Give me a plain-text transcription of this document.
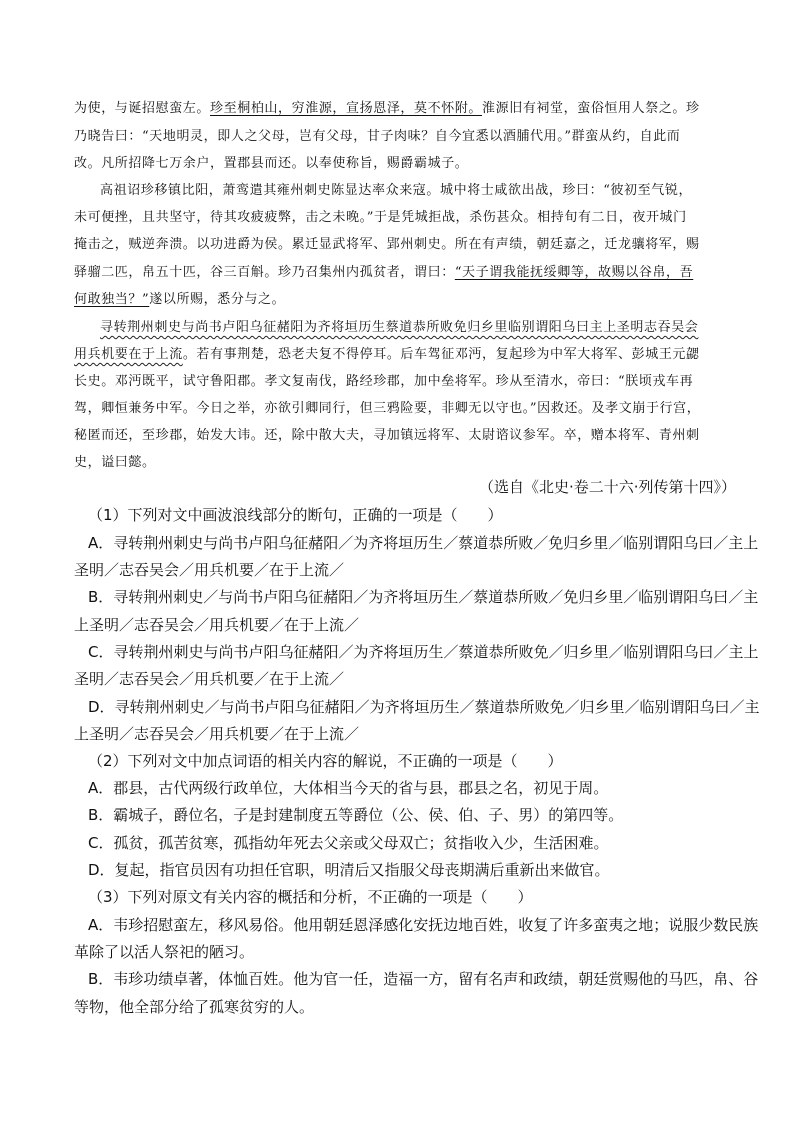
为使，与诞招慰蛮左。珍至桐柏山，穷淮源，宣扬恩泽，莫不怀附。淮源旧有祠堂，蛮俗恒用人祭之。珍
乃晓告曰：“天地明灵，即人之父母，岂有父母，甘子肉味？自今宜悉以酒脯代用。”群蛮从约，自此而
改。凡所招降七万余户，置郡县而还。以奉使称旨，赐爵霸城子。
高祖诏珍移镇比阳，萧鸾遣其雍州刺史陈显达率众来寇。城中将士咸欲出战，珍曰：“彼初至气锐，
未可便挫，且共坚守，待其攻疲疲弊，击之未晚。”于是凭城拒战，杀伤甚众。相持旬有二日，夜开城门
掩击之，贼逆奔溃。以功进爵为侯。累迁显武将军、郢州刺史。所在有声绩，朝廷嘉之，迁龙骧将军，赐
驿骝二匹，帛五十匹，谷三百斛。珍乃召集州内孤贫者，谓曰：“天子谓我能抚绥卿等，故赐以谷帛，吾
何敢独当？”遂以所赐，悉分与之。
寻转荆州刺史与尚书卢阳乌征赭阳为齐将垣历生蔡道恭所败免归乡里临别谓阳乌曰主上圣明志吞吴会
用兵机要在于上流。若有事荆楚，恐老夫复不得停耳。后车驾征邓沔，复起珍为中军大将军、彭城王元勰
长史。邓沔既平，试守鲁阳郡。孝文复南伐，路经珍郡，加中垒将军。珍从至清水，帝曰：“朕顷戎车再
驾，卿恒兼务中军。今日之举，亦欲引卿同行，但三鸦险要，非卿无以守也。”因救还。及孝文崩于行宫，
秘匿而还，至珍郡，始发大讳。还，除中散大夫，寻加镇远将军、太尉谘议参军。卒，赠本将军、青州刺
史，谥曰懿。
（选自《北史·卷二十六·列传第十四》）
（1）下列对文中画波浪线部分的断句，正确的一项是（　　）
A．寻转荆州刺史与尚书卢阳乌征赭阳／为齐将垣历生／蔡道恭所败／免归乡里／临别谓阳乌曰／主上
圣明／志吞吴会／用兵机要／在于上流／
B．寻转荆州刺史／与尚书卢阳乌征赭阳／为齐将垣历生／蔡道恭所败／免归乡里／临别谓阳乌曰／主
上圣明／志吞吴会／用兵机要／在于上流／
C．寻转荆州刺史与尚书卢阳乌征赭阳／为齐将垣历生／蔡道恭所败免／归乡里／临别谓阳乌曰／主上
圣明／志吞吴会／用兵机要／在于上流／
D．寻转荆州刺史／与尚书卢阳乌征赭阳／为齐将垣历生／蔡道恭所败免／归乡里／临别谓阳乌曰／主
上圣明／志吞吴会／用兵机要／在于上流／
（2）下列对文中加点词语的相关内容的解说，不正确的一项是（　　）
A．郡县，古代两级行政单位，大体相当今天的省与县，郡县之名，初见于周。
B．霸城子，爵位名，子是封建制度五等爵位（公、侯、伯、子、男）的第四等。
C．孤贫，孤苦贫寒，孤指幼年死去父亲或父母双亡；贫指收入少，生活困难。
D．复起，指官员因有功担任官职，明清后又指服父母丧期满后重新出来做官。
（3）下列对原文有关内容的概括和分析，不正确的一项是（　　）
A．韦珍招慰蛮左，移风易俗。他用朝廷恩泽感化安抚边地百姓，收复了许多蛮夷之地；说服少数民族
革除了以活人祭祀的陋习。
B．韦珍功绩卓著，体恤百姓。他为官一任，造福一方，留有名声和政绩，朝廷赏赐他的马匹，帛、谷
等物，他全部分给了孤寒贫穷的人。
